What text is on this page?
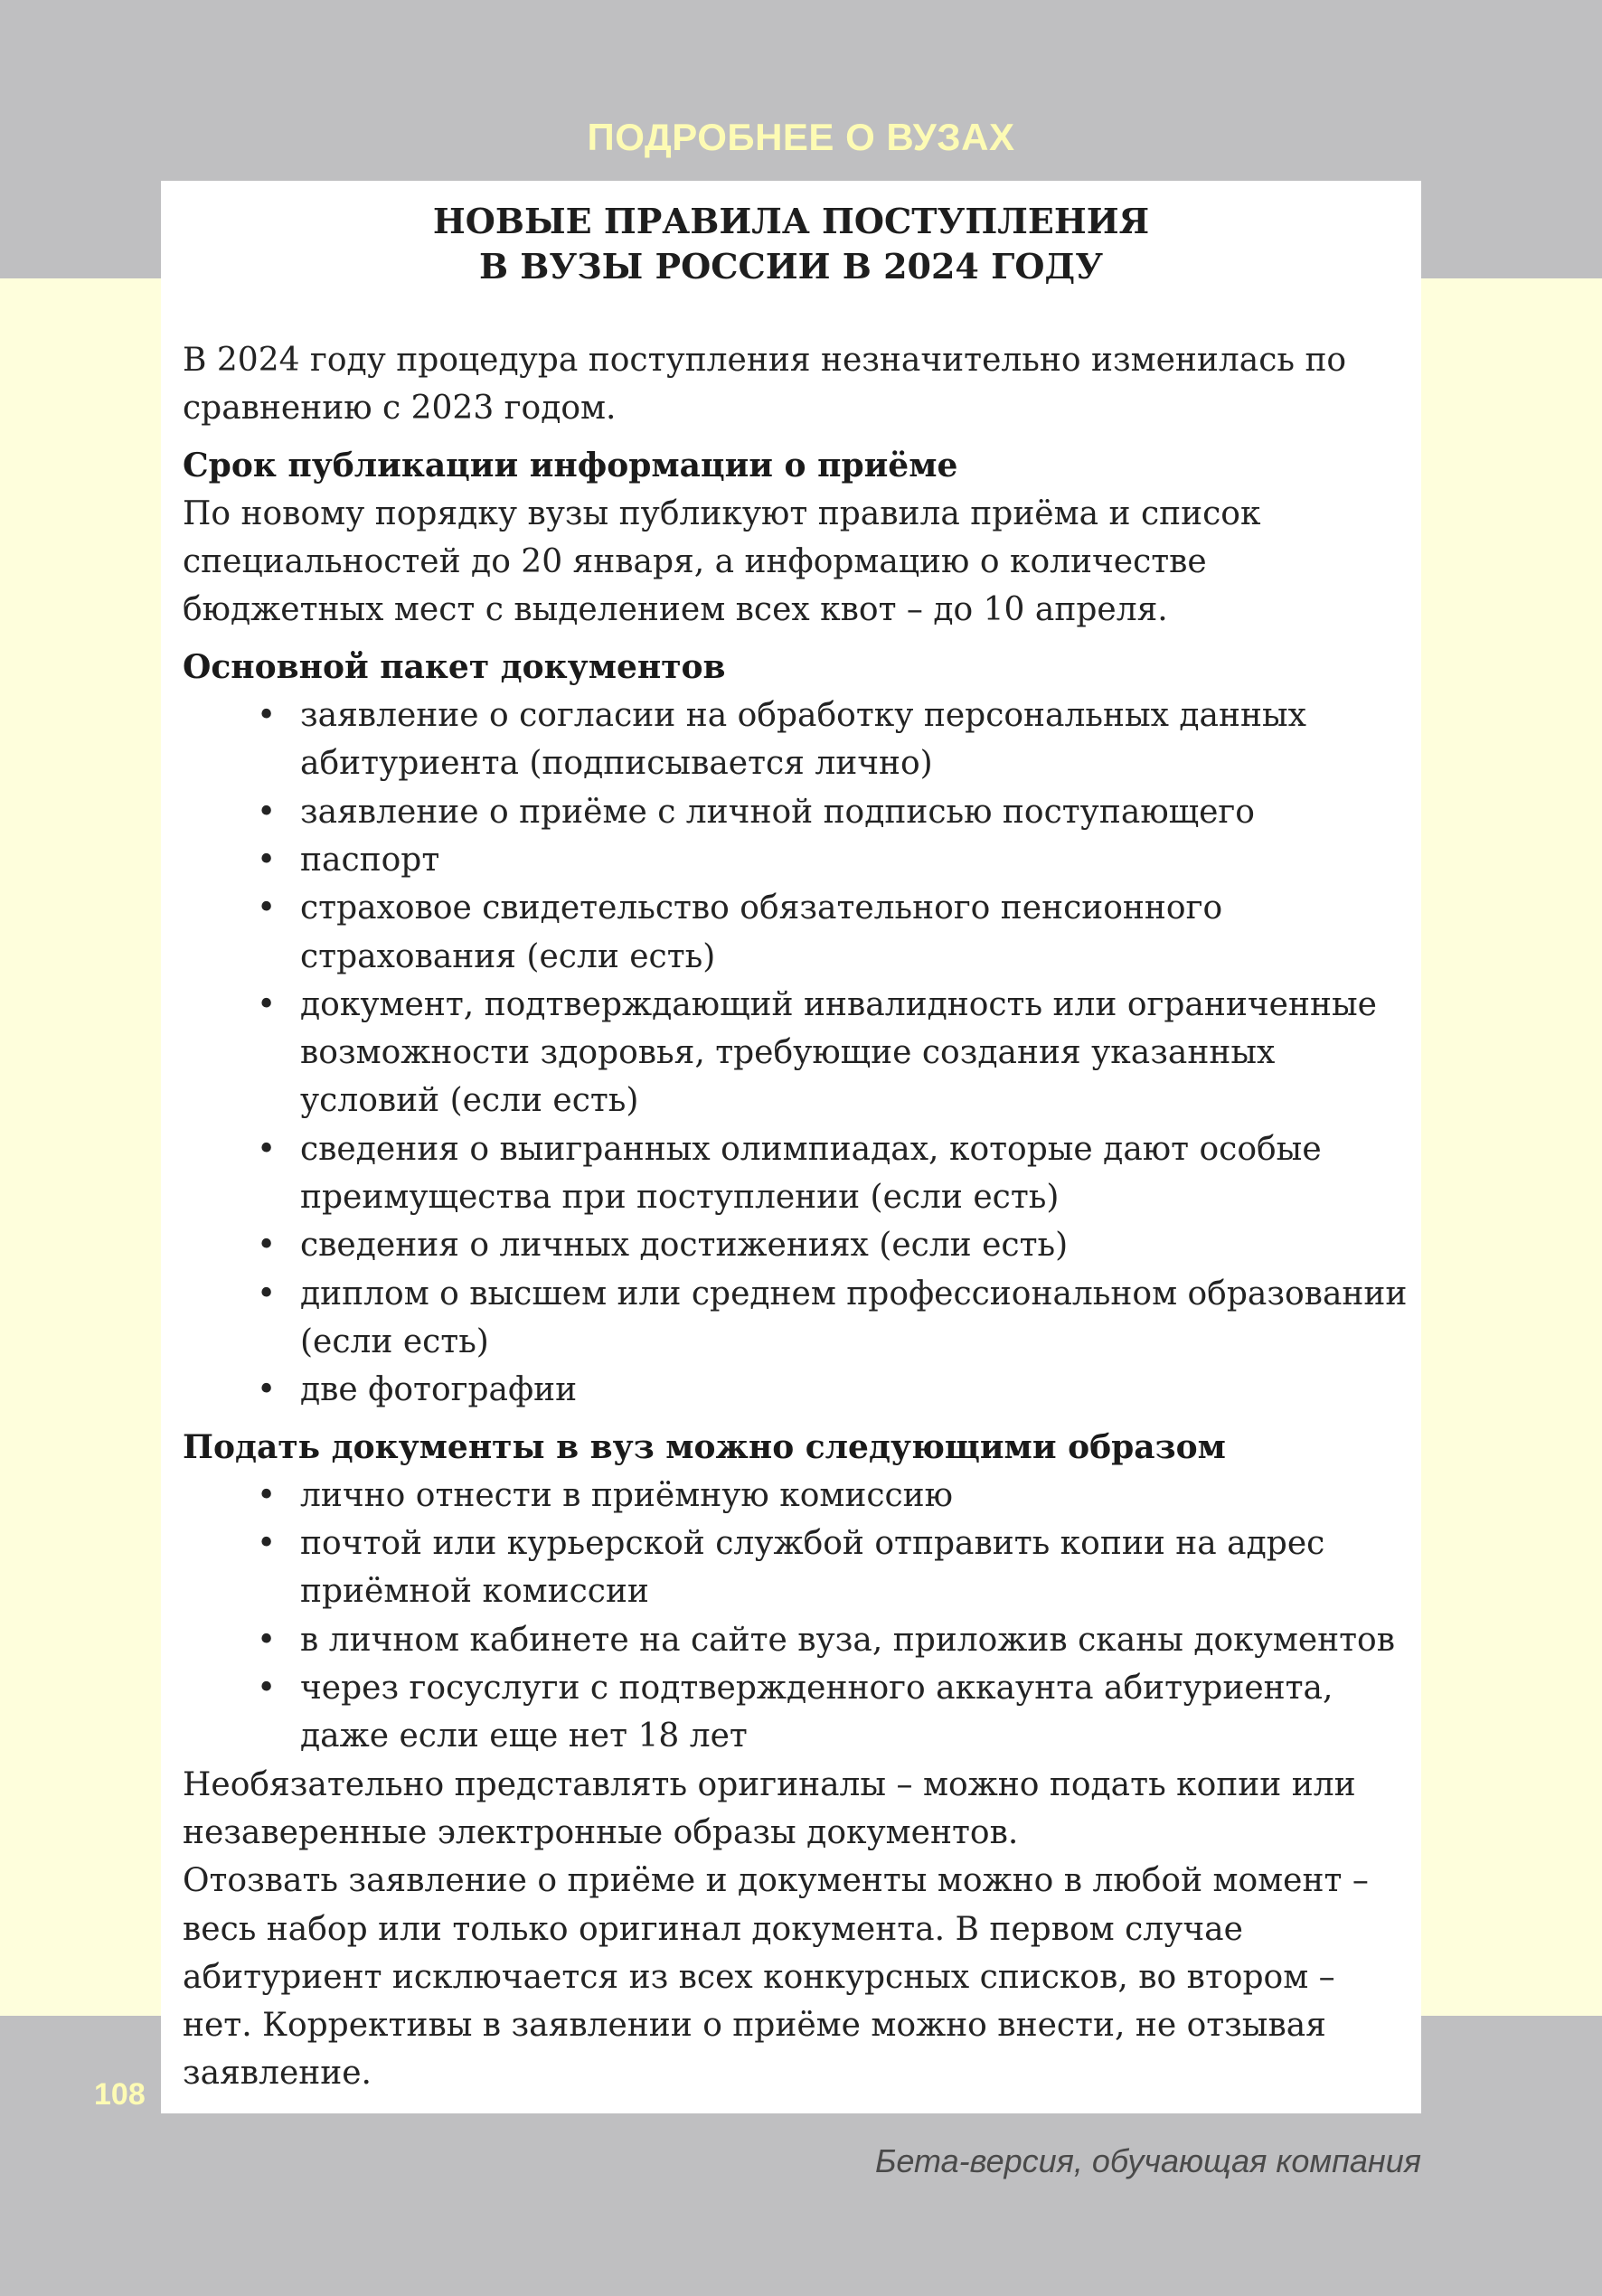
ПОДРОБНЕЕ О ВУЗАХ
НОВЫЕ ПРАВИЛА ПОСТУПЛЕНИЯ
В ВУЗЫ РОССИИ В 2024 ГОДУ

В 2024 году процедура поступления незначительно изменилась по сравнению с 2023 годом.

Срок публикации информации о приёме

По новому порядку вузы публикуют правила приёма и список специальностей до 20 января, а информацию о количестве бюджетных мест с выделением всех квот – до 10 апреля.

Основной пакет документов
• заявление о согласии на обработку персональных данных абитуриента (подписывается лично)
• заявление о приёме с личной подписью поступающего
• паспорт
• страховое свидетельство обязательного пенсионного страхования (если есть)
• документ, подтверждающий инвалидность или ограниченные возможности здоровья, требующие создания указанных условий (если есть)
• сведения о выигранных олимпиадах, которые дают особые преимущества при поступлении (если есть)
• сведения о личных достижениях (если есть)
• диплом о высшем или среднем профессиональном образовании (если есть)
• две фотографии
Подать документы в вуз можно следующими образом
• лично отнести в приёмную комиссию
• почтой или курьерской службой отправить копии на адрес приёмной комиссии
• в личном кабинете на сайте вуза, приложив сканы документов
• через госуслуги с подтвержденного аккаунта абитуриента, даже если еще нет 18 лет

Необязательно представлять оригиналы – можно подать копии или незаверенные электронные образы документов.

Отозвать заявление о приёме и документы можно в любой момент – весь набор или только оригинал документа. В первом случае абитуриент исключается из всех конкурсных списков, во втором – нет. Коррективы в заявлении о приёме можно внести, не отзывая заявление.

108
Бета-версия, обучающая компания
